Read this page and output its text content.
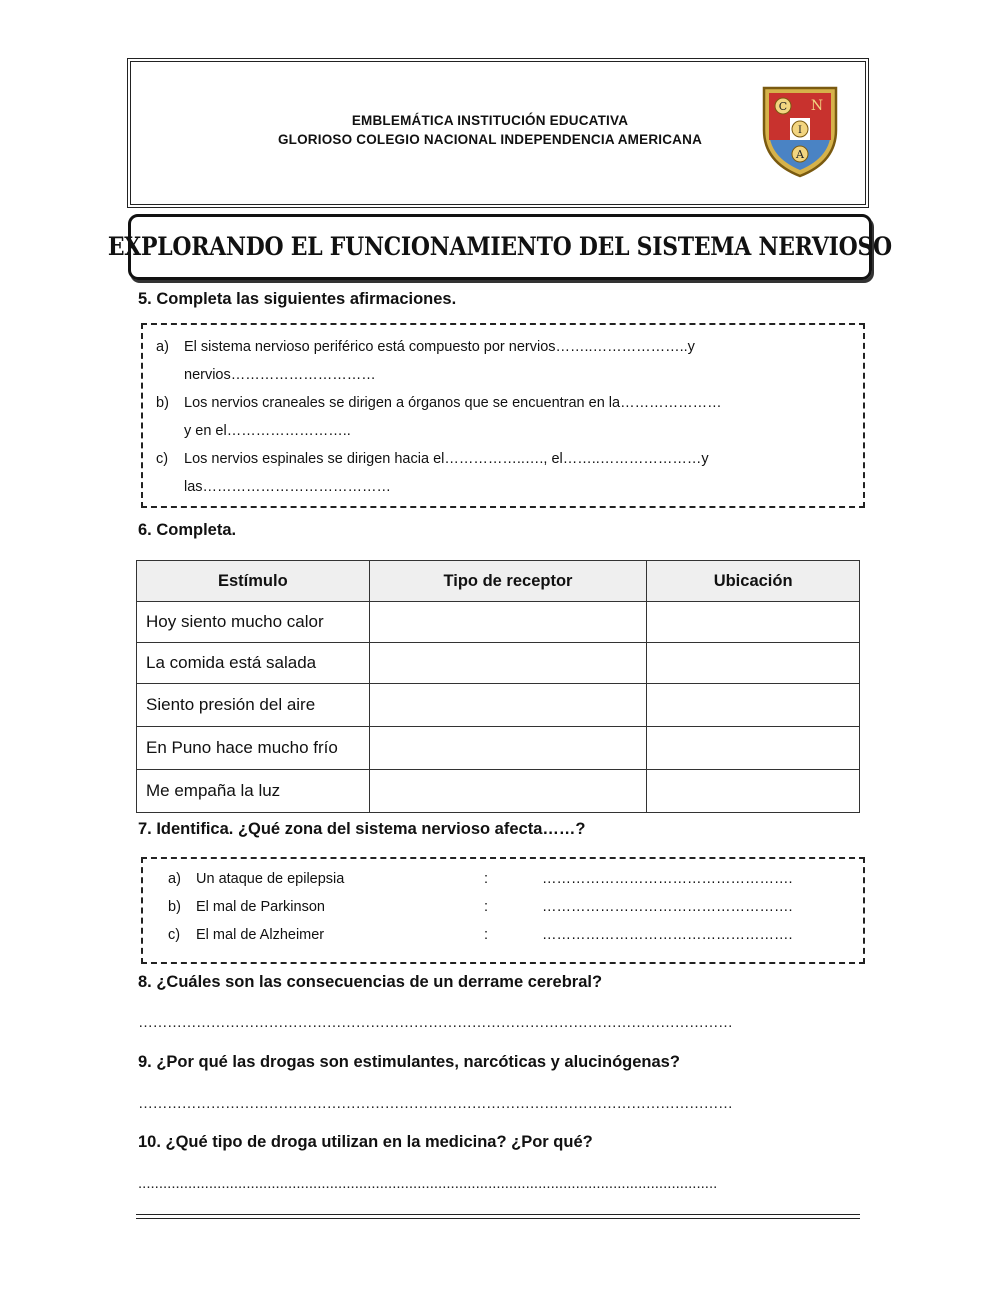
EMBLEMÁTICA INSTITUCIÓN EDUCATIVA
GLORIOSO COLEGIO NACIONAL INDEPENDENCIA AMERICANA
C N
I
A
EXPLORANDO EL FUNCIONAMIENTO DEL SISTEMA NERVIOSO
5. Completa las siguientes afirmaciones.
a) El sistema nervioso periférico está compuesto por nervios……..………………..y
nervios…………………………
b) Los nervios craneales se dirigen a órganos que se encuentran en la…………………
y en el……………………..
c) Los nervios espinales se dirigen hacia el……………..…., el……..…………………y
las…………………………………
6. Completa.
Estímulo	Tipo de receptor	Ubicación
Hoy siento mucho calor		
La comida está salada		
Siento presión del aire		
En Puno hace mucho frío		
Me empaña la luz		
7. Identifica. ¿Qué zona del sistema nervioso afecta……?
a) Un ataque de epilepsia	:	…………………………………………….
b) El mal de Parkinson	:	…………………………………………….
c) El mal de Alzheimer	:	…………………………………………….
8. ¿Cuáles son las consecuencias de un derrame cerebral?
……………………………………………………………………………………………………………
9. ¿Por qué las drogas son estimulantes, narcóticas y alucinógenas?
……………………………………………………………………………………………………………
10. ¿Qué tipo de droga utilizan en la medicina? ¿Por qué?
...........................................................................................................................................
